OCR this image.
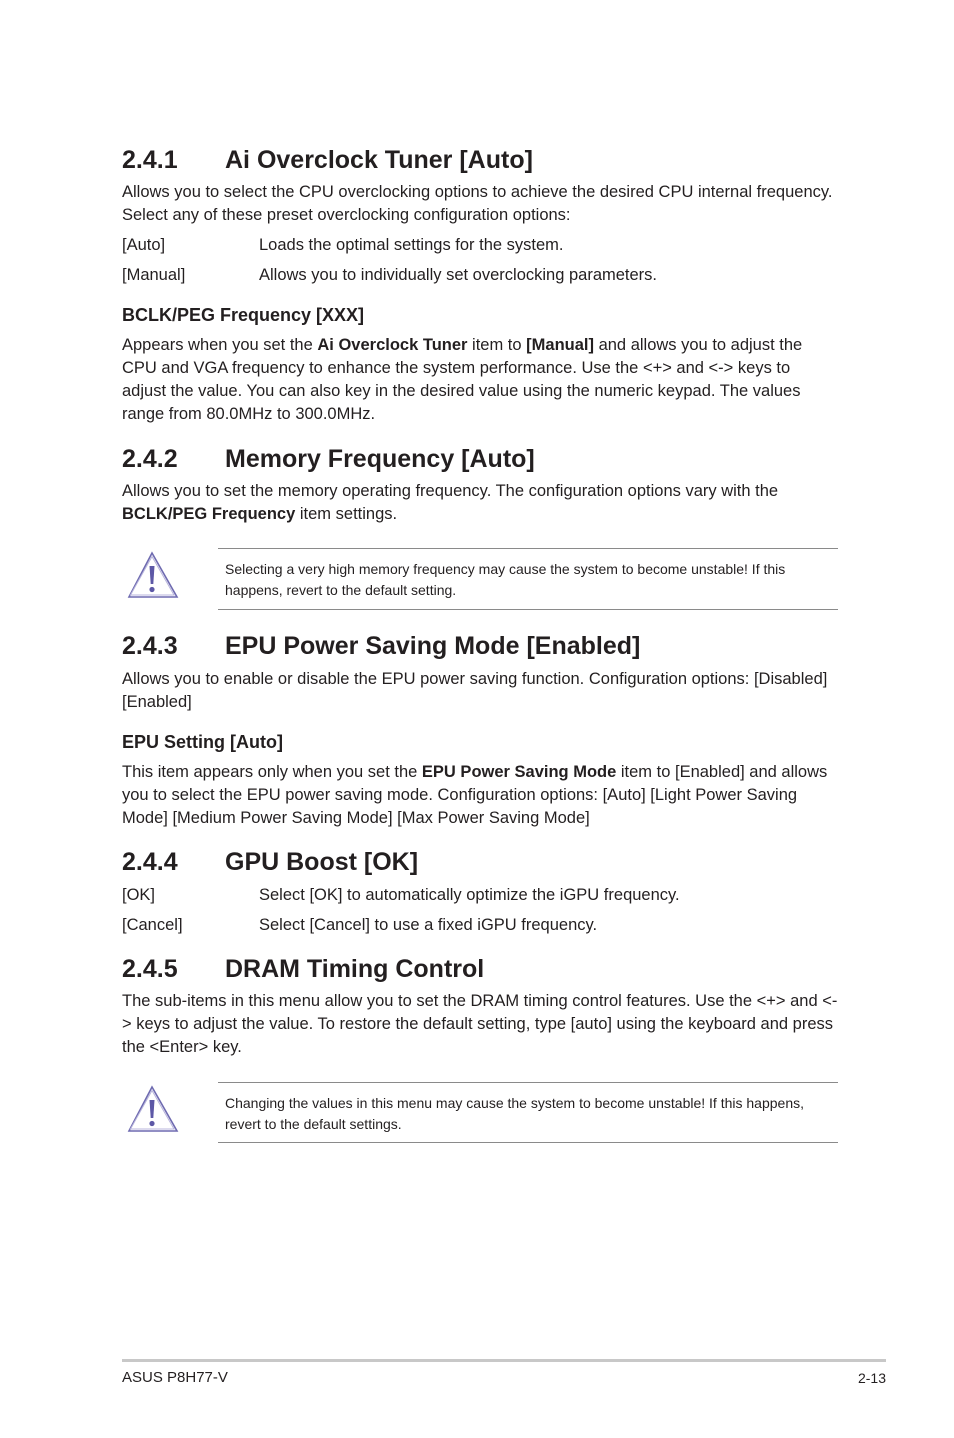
2.4.1 Ai Overclock Tuner [Auto]
Allows you to select the CPU overclocking options to achieve the desired CPU internal frequency. Select any of these preset overclocking configuration options:
[Auto]	Loads the optimal settings for the system.
[Manual]	Allows you to individually set overclocking parameters.
BCLK/PEG Frequency [XXX]
Appears when you set the Ai Overclock Tuner item to [Manual] and allows you to adjust the CPU and VGA frequency to enhance the system performance. Use the <+> and <-> keys to adjust the value. You can also key in the desired value using the numeric keypad. The values range from 80.0MHz to 300.0MHz.
2.4.2 Memory Frequency [Auto]
Allows you to set the memory operating frequency. The configuration options vary with the BCLK/PEG Frequency item settings.
Selecting a very high memory frequency may cause the system to become unstable! If this happens, revert to the default setting.
2.4.3 EPU Power Saving Mode [Enabled]
Allows you to enable or disable the EPU power saving function. Configuration options: [Disabled] [Enabled]
EPU Setting [Auto]
This item appears only when you set the EPU Power Saving Mode item to [Enabled] and allows you to select the EPU power saving mode. Configuration options: [Auto] [Light Power Saving Mode] [Medium Power Saving Mode] [Max Power Saving Mode]
2.4.4 GPU Boost [OK]
[OK]	Select [OK] to automatically optimize the iGPU frequency.
[Cancel]	Select [Cancel] to use a fixed iGPU frequency.
2.4.5 DRAM Timing Control
The sub-items in this menu allow you to set the DRAM timing control features. Use the <+> and <-> keys to adjust the value. To restore the default setting, type [auto] using the keyboard and press the <Enter> key.
Changing the values in this menu may cause the system to become unstable! If this happens, revert to the default settings.
ASUS P8H77-V	2-13
